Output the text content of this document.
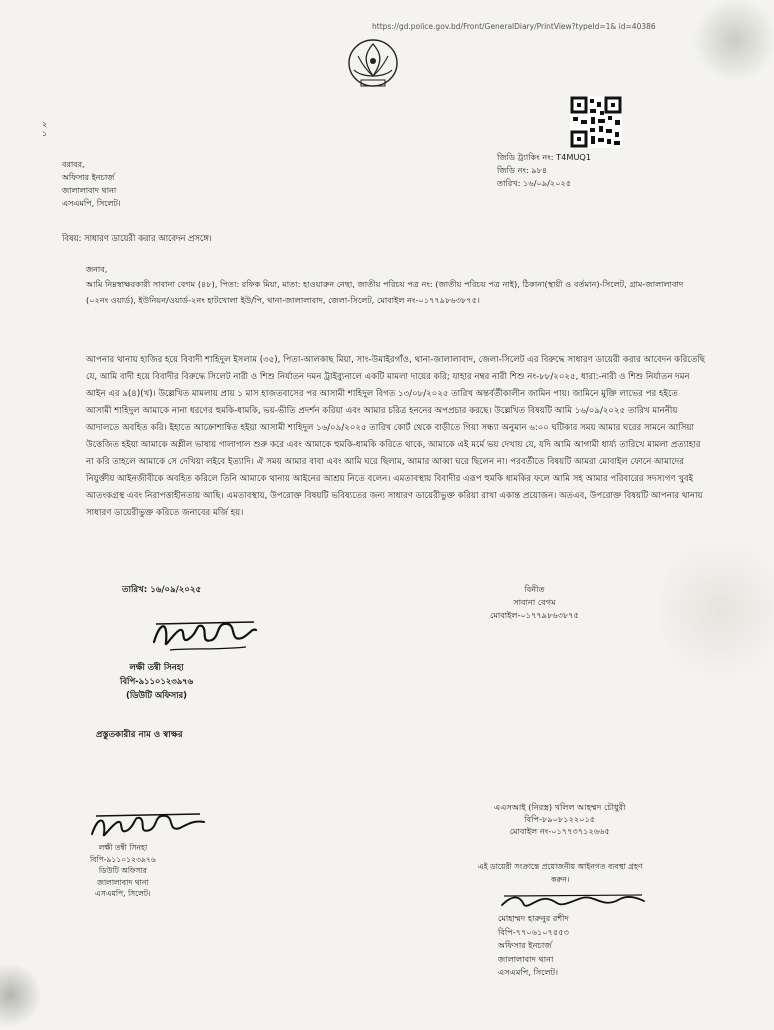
https://gd.police.gov.bd/Front/GeneralDiary/PrintView?typeId=1& id=40386
২ ১
বরাবর,
অফিসার ইনচার্জ
জালালাবাদ থানা
এসএমপি, সিলেট।
জিডি ট্র্যাকিং নং: T4MUQ1
জিডি নং: ৯৮৪
তারিখ: ১৬/০৯/২০২৫
বিষয়: সাধারণ ডায়েরী করার আবেদন প্রসঙ্গে।
জনাব,
আমি নিম্নস্বাক্ষরকারী সাবানা বেগম (৪৮), পিতা: রফিক মিয়া, মাতা: হাওয়ারুন নেছা, জাতীয় পরিচয় পত্র নং: (জাতীয় পরিচয় পত্র নাই), ঠিকানা(স্থায়ী ও বর্তমান)-সিলেট, গ্রাম-জালালাবাদ (০২নং ওয়ার্ড), ইউনিয়ন/ওয়ার্ড-২নং হাটখোলা ইউ/পি, থানা-জালালাবাদ, জেলা-সিলেট, মোবাইল নং-০১৭৭৯৮৬৩৮৭৫।
আপনার থানায় হাজির হয়ে বিবাদী শাহিদুল ইসলাম (৩৫), পিতা-আলকাছ মিয়া, সাং-উমাইরগাঁও, থানা-জালালাবাদ, জেলা-সিলেট এর বিরুদ্ধে সাধারণ ডায়েরী করার আবেদন করিতেছি যে, আমি বাদী হয়ে বিবাদীর বিরুদ্ধে সিলেট নারী ও শিশু নির্যাতন দমন ট্রাইব্যুনালে একটি মামলা দায়ের করি; যাহার নম্বর নারী শিশু নং-৮৮/২০২৫, ধারা:-নারী ও শিশু নির্যাতন দমন আইন এর ৯(৪)(খ)। উল্লেখিত মামলায় প্রায় ১ মাস হাজতবাসের পর আসামী শাহিদুল বিগত ১৩/০৮/২০২৫ তারিখ অন্তর্বর্তীকালীন জামিন পায়। জামিনে মুক্তি লাভের পর হইতে আসামী শাহিদুল আমাকে নানা ধরণের হুমকি-ধামকি, ভয়-ভীতি প্রদর্শন করিয়া এবং আমার চরিত্র হননের অপপ্রচার করছে। উল্লেখিত বিষয়টি আমি ১৬/০৯/২০২৫ তারিখ মাননীয় আদালতে অবহিত করি। ইহাতে আক্রোশান্বিত হইয়া আসামী শাহিদুল ১৬/০৯/২০২৫ তারিখ কোর্ট থেকে বাড়ীতে গিয়া সন্ধ্যা অনুমান ৬:০০ ঘটিকার সময় আমার ঘরের সামনে আসিয়া উত্তেজিত হইয়া আমাকে অশ্লীল ভাষায় গালাগাল শুরু করে এবং আমাকে হুমকি-ধামকি করিতে থাকে, আমাকে এই মর্মে ভয় দেখায় যে, যদি আমি আগামী ধার্য্য তারিখে মামলা প্রত্যাহার না করি তাহলে আমাকে সে দেখিয়া লইবে ইত্যাদি। ঐ সময় আমার বাবা এবং আমি ঘরে ছিলাম, আমার আব্বা ঘরে ছিলেন না। পরবর্তীতে বিষয়টি আমরা মোবাইল ফোনে আমাদের নিযুক্তীয় আইনজীবীকে অবহিত করিলে তিনি আমাকে থানায় আইনের আশ্রয় নিতে বলেন। এমতাবস্থায় বিবাদীর এরূপ হুমকি ধামকির ফলে আমি সহ আমার পরিবারের সদস্যগণ খুবই আতংকগ্রস্থ এবং নিরাপত্তাহীনতায় আছি। এমতাবস্থায়, উপরোক্ত বিষয়টি ভবিষ্যতের জন্য সাধারণ ডায়েরীভুক্ত করিয়া রাখা একান্ত প্রয়োজন। অতএব, উপরোক্ত বিষয়টি আপনার থানায় সাধারণ ডায়েরীভুক্ত করিতে জনাবের মর্জি হয়।
তারিখ: ১৬/০৯/২০২৫	বিনীত
সাবানা বেগম
মোবাইল-০১৭৭৯৮৬৩৮৭৫
লক্ষী তন্বী সিনহা
বিপি-৯১১০১২৩৯৭৬
(ডিউটি অফিসার)
প্রস্তুতকারীর নাম ও স্বাক্ষর
লক্ষী তন্বী সিনহা
বিপি-৯১১০১২৩৯৭৬
ডিউটি অফিসার
জালালাবাদ থানা
এসএমপি, সিলেট।
এএসআই (নিরস্ত্র) খলিল আহম্মদ চৌধুরী
বিপি-৮৯০৮১২২০১৫
মোবাইল নং-০১৭৭৩৭১২৬৬৫
এই ডায়েরী সংক্রান্তে প্রয়োজনীয় আইনগত ব্যবস্থা গ্রহণ
করুন।
মোহাম্মদ হারুনুর রশীদ
বিপি-৭৭০৬১০৭৫৫৩
অফিসার ইনচার্জ
জালালাবাদ থানা
এসএমপি, সিলেট।
